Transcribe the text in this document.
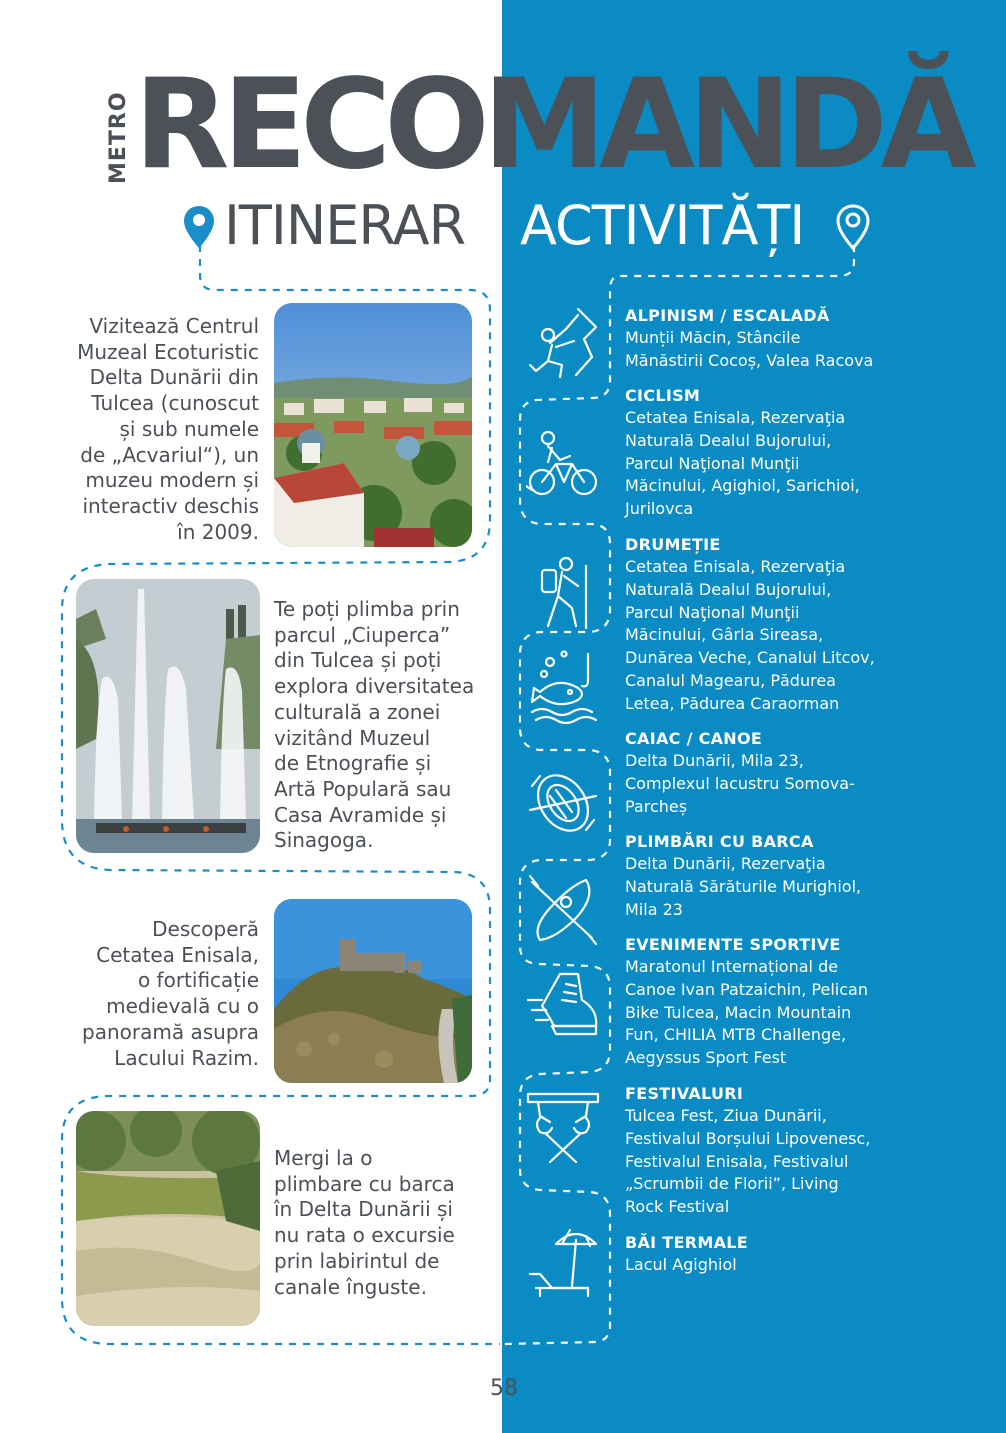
METRO RECOMANDĂ
ITINERAR ACTIVITĂȚI
Vizitează Centrul
Muzeal Ecoturistic
Delta Dunării din
Tulcea (cunoscut
și sub numele
de „Acvariul“), un
muzeu modern și
interactiv deschis
în 2009.
Te poți plimba prin
parcul „Ciuperca”
din Tulcea și poți
explora diversitatea
culturală a zonei
vizitând Muzeul
de Etnografie și
Artă Populară sau
Casa Avramide și
Sinagoga.
Descoperă
Cetatea Enisala,
o fortificație
medievală cu o
panoramă asupra
Lacului Razim.
Mergi la o
plimbare cu barca
în Delta Dunării și
nu rata o excursie
prin labirintul de
canale înguste.
ALPINISM / ESCALADĂ

Munții Măcin, Stâncile

Mănăstirii Cocoș, Valea Racova

CICLISM

Cetatea Enisala, Rezervaţia

Naturală Dealul Bujorului,

Parcul Naţional Munţii

Măcinului, Agighiol, Sarichioi,

Jurilovca

DRUMEȚIE

Cetatea Enisala, Rezervaţia

Naturală Dealul Bujorului,

Parcul Naţional Munţii

Măcinului, Gârla Sireasa,

Dunărea Veche, Canalul Litcov,

Canalul Magearu, Pădurea

Letea, Pădurea Caraorman

CAIAC / CANOE

Delta Dunării, Mila 23,

Complexul lacustru Somova-

Parcheș

PLIMBĂRI CU BARCA

Delta Dunării, Rezervaţia

Naturală Sărăturile Murighiol,

Mila 23

EVENIMENTE SPORTIVE

Maratonul Internațional de

Canoe Ivan Patzaichin, Pelican

Bike Tulcea, Macin Mountain

Fun, CHILIA MTB Challenge,

Aegyssus Sport Fest

FESTIVALURI

Tulcea Fest, Ziua Dunării,

Festivalul Borșului Lipovenesc,

Festivalul Enisala, Festivalul

„Scrumbii de Florii”, Living

Rock Festival

BĂI TERMALE

Lacul Agighiol

58
